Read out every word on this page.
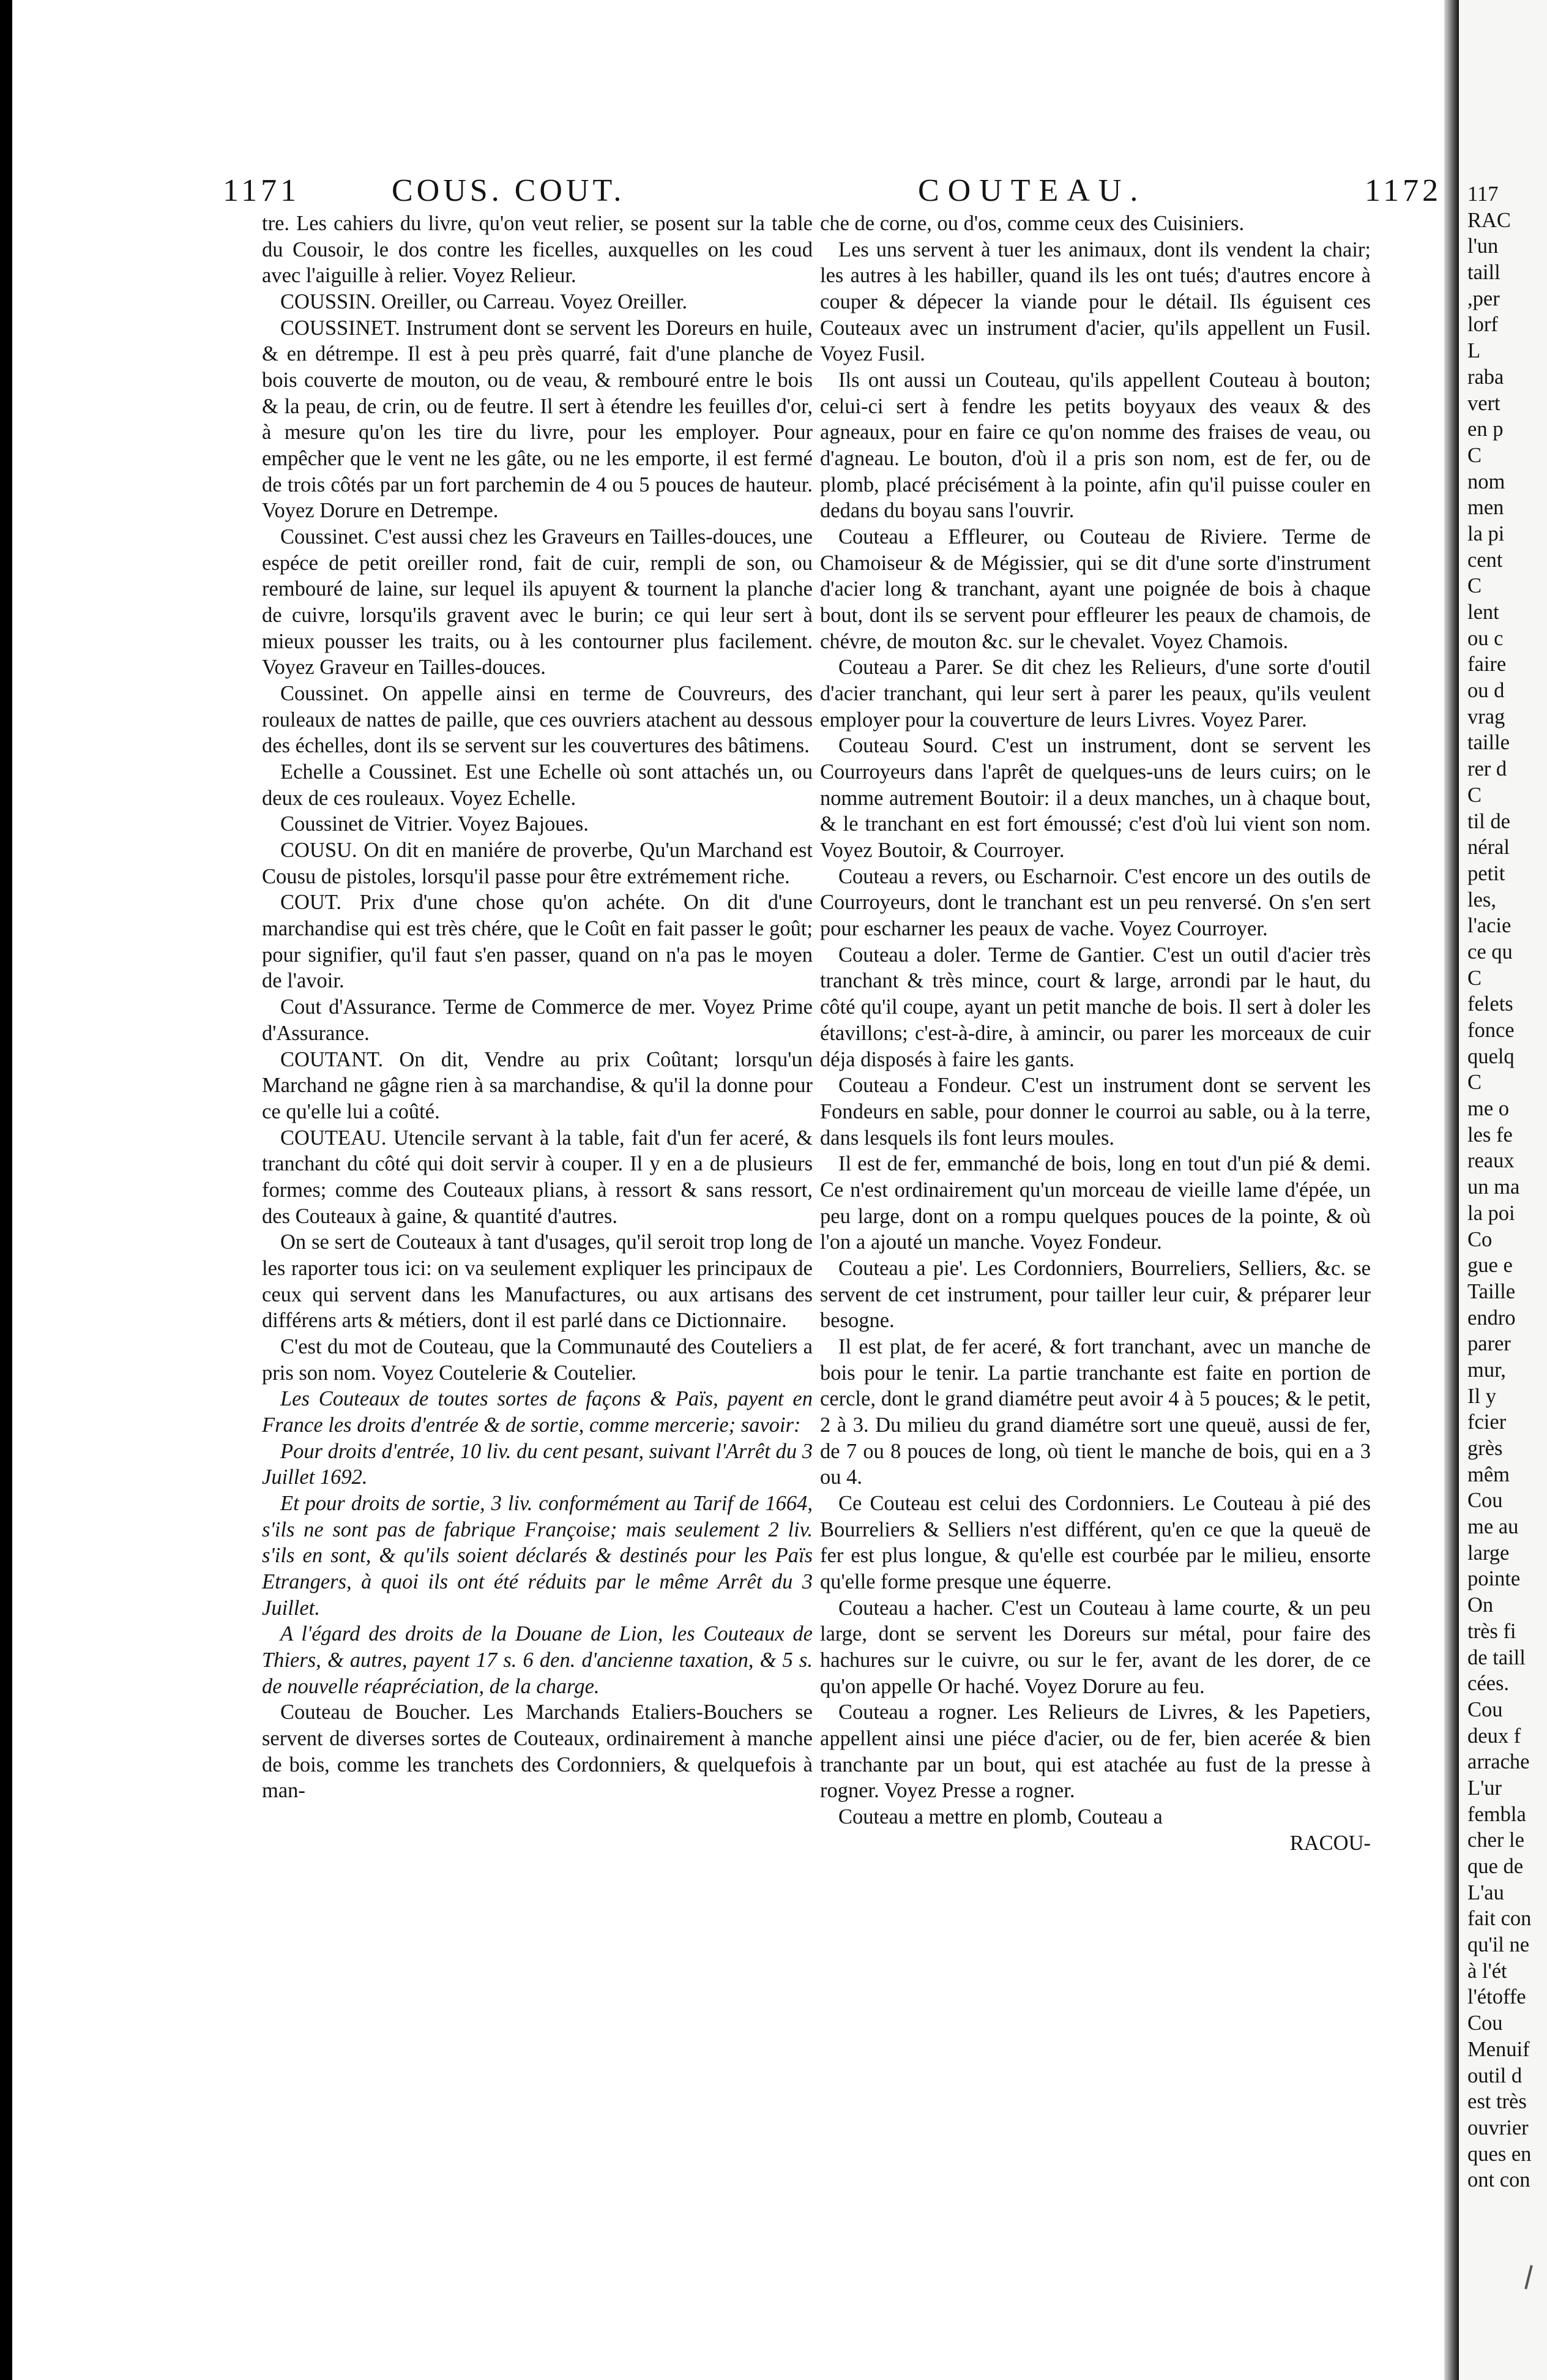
1171	COUS. COUT.	COUTEAU.	1172

tre. Les cahiers du livre, qu'on veut relier, se posent sur la table du Cousoir, le dos contre les ficelles, auxquelles on les coud avec l'aiguille à relier. Voyez Relieur.

COUSSIN. Oreiller, ou Carreau. Voyez Oreiller.

COUSSINET. Instrument dont se servent les Doreurs en huile, & en détrempe. Il est à peu près quarré, fait d'une planche de bois couverte de mouton, ou de veau, & rembouré entre le bois & la peau, de crin, ou de feutre. Il sert à étendre les feuilles d'or, à mesure qu'on les tire du livre, pour les employer. Pour empêcher que le vent ne les gâte, ou ne les emporte, il est fermé de trois côtés par un fort parchemin de 4 ou 5 pouces de hauteur. Voyez Dorure en Detrempe.

Coussinet. C'est aussi chez les Graveurs en Tailles-douces, une espéce de petit oreiller rond, fait de cuir, rempli de son, ou rembouré de laine, sur lequel ils apuyent & tournent la planche de cuivre, lorsqu'ils gravent avec le burin; ce qui leur sert à mieux pousser les traits, ou à les contourner plus facilement. Voyez Graveur en Tailles-douces.

Coussinet. On appelle ainsi en terme de Couvreurs, des rouleaux de nattes de paille, que ces ouvriers atachent au dessous des échelles, dont ils se servent sur les couvertures des bâtimens.

Echelle a Coussinet. Est une Echelle où sont attachés un, ou deux de ces rouleaux. Voyez Echelle.

Coussinet de Vitrier. Voyez Bajoues.

COUSU. On dit en maniére de proverbe, Qu'un Marchand est Cousu de pistoles, lorsqu'il passe pour être extrémement riche.

COUT. Prix d'une chose qu'on achéte. On dit d'une marchandise qui est très chére, que le Coût en fait passer le goût; pour signifier, qu'il faut s'en passer, quand on n'a pas le moyen de l'avoir.

Cout d'Assurance. Terme de Commerce de mer. Voyez Prime d'Assurance.

COUTANT. On dit, Vendre au prix Coûtant; lorsqu'un Marchand ne gâgne rien à sa marchandise, & qu'il la donne pour ce qu'elle lui a coûté.

COUTEAU. Utencile servant à la table, fait d'un fer aceré, & tranchant du côté qui doit servir à couper. Il y en a de plusieurs formes; comme des Couteaux plians, à ressort & sans ressort, des Couteaux à gaine, & quantité d'autres.

On se sert de Couteaux à tant d'usages, qu'il seroit trop long de les raporter tous ici: on va seulement expliquer les principaux de ceux qui servent dans les Manufactures, ou aux artisans des différens arts & métiers, dont il est parlé dans ce Dictionnaire.

C'est du mot de Couteau, que la Communauté des Couteliers a pris son nom. Voyez Coutelerie & Coutelier.

Les Couteaux de toutes sortes de façons & Païs, payent en France les droits d'entrée & de sortie, comme mercerie; savoir:

Pour droits d'entrée, 10 liv. du cent pesant, suivant l'Arrêt du 3 Juillet 1692.

Et pour droits de sortie, 3 liv. conformément au Tarif de 1664, s'ils ne sont pas de fabrique Françoise; mais seulement 2 liv. s'ils en sont, & qu'ils soient déclarés & destinés pour les Païs Etrangers, à quoi ils ont été réduits par le même Arrêt du 3 Juillet.

A l'égard des droits de la Douane de Lion, les Couteaux de Thiers, & autres, payent 17 s. 6 den. d'ancienne taxation, & 5 s. de nouvelle réapréciation, de la charge.

Couteau de Boucher. Les Marchands Etaliers-Bouchers se servent de diverses sortes de Couteaux, ordinairement à manche de bois, comme les tranchets des Cordonniers, & quelquefois à man-

che de corne, ou d'os, comme ceux des Cuisiniers.

Les uns servent à tuer les animaux, dont ils vendent la chair; les autres à les habiller, quand ils les ont tués; d'autres encore à couper & dépecer la viande pour le détail. Ils éguisent ces Couteaux avec un instrument d'acier, qu'ils appellent un Fusil. Voyez Fusil.

Ils ont aussi un Couteau, qu'ils appellent Couteau à bouton; celui-ci sert à fendre les petits boyyaux des veaux & des agneaux, pour en faire ce qu'on nomme des fraises de veau, ou d'agneau. Le bouton, d'où il a pris son nom, est de fer, ou de plomb, placé précisément à la pointe, afin qu'il puisse couler en dedans du boyau sans l'ouvrir.

Couteau a Effleurer, ou Couteau de Riviere. Terme de Chamoiseur & de Mégissier, qui se dit d'une sorte d'instrument d'acier long & tranchant, ayant une poignée de bois à chaque bout, dont ils se servent pour effleurer les peaux de chamois, de chévre, de mouton &c. sur le chevalet. Voyez Chamois.

Couteau a Parer. Se dit chez les Relieurs, d'une sorte d'outil d'acier tranchant, qui leur sert à parer les peaux, qu'ils veulent employer pour la couverture de leurs Livres. Voyez Parer.

Couteau Sourd. C'est un instrument, dont se servent les Courroyeurs dans l'aprêt de quelques-uns de leurs cuirs; on le nomme autrement Boutoir: il a deux manches, un à chaque bout, & le tranchant en est fort émoussé; c'est d'où lui vient son nom. Voyez Boutoir, & Courroyer.

Couteau a revers, ou Escharnoir. C'est encore un des outils de Courroyeurs, dont le tranchant est un peu renversé. On s'en sert pour escharner les peaux de vache. Voyez Courroyer.

Couteau a doler. Terme de Gantier. C'est un outil d'acier très tranchant & très mince, court & large, arrondi par le haut, du côté qu'il coupe, ayant un petit manche de bois. Il sert à doler les étavillons; c'est-à-dire, à amincir, ou parer les morceaux de cuir déja disposés à faire les gants.

Couteau a Fondeur. C'est un instrument dont se servent les Fondeurs en sable, pour donner le courroi au sable, ou à la terre, dans lesquels ils font leurs moules.

Il est de fer, emmanché de bois, long en tout d'un pié & demi. Ce n'est ordinairement qu'un morceau de vieille lame d'épée, un peu large, dont on a rompu quelques pouces de la pointe, & où l'on a ajouté un manche. Voyez Fondeur.

Couteau a pie'. Les Cordonniers, Bourreliers, Selliers, &c. se servent de cet instrument, pour tailler leur cuir, & préparer leur besogne.

Il est plat, de fer aceré, & fort tranchant, avec un manche de bois pour le tenir. La partie tranchante est faite en portion de cercle, dont le grand diamétre peut avoir 4 à 5 pouces; & le petit, 2 à 3. Du milieu du grand diamétre sort une queuë, aussi de fer, de 7 ou 8 pouces de long, où tient le manche de bois, qui en a 3 ou 4.

Ce Couteau est celui des Cordonniers. Le Couteau à pié des Bourreliers & Selliers n'est différent, qu'en ce que la queuë de fer est plus longue, & qu'elle est courbée par le milieu, ensorte qu'elle forme presque une équerre.

Couteau a hacher. C'est un Couteau à lame courte, & un peu large, dont se servent les Doreurs sur métal, pour faire des hachures sur le cuivre, ou sur le fer, avant de les dorer, de ce qu'on appelle Or haché. Voyez Dorure au feu.

Couteau a rogner. Les Relieurs de Livres, & les Papetiers, appellent ainsi une piéce d'acier, ou de fer, bien acerée & bien tranchante par un bout, qui est atachée au fust de la presse à rogner. Voyez Presse a rogner.

Couteau a mettre en plomb, Couteau a

RACOU-
117
RAC
l'un
taill
,per
lorf
L
raba
vert
en p
C
nom
men
la pi
cent
C
lent
ou c
faire
ou d
vrag
taille
rer d
C
til de
néral
petit
les,
l'acie
ce qu
C
felets
fonce
quelq
C
me o
les fe
reaux
un ma
la poi
Co
gue e
Taille
endro
parer
mur,
Il y
fcier
grès
mêm
Cou
me au
large
pointe
On
très fi
de taill
cées.
Cou
deux f
arrache
L'ur
fembla
cher le
que de
L'au
fait con
qu'il ne
à l'ét
l'étoffe
Cou
Menuif
outil d
est très
ouvrier
ques en
ont con
